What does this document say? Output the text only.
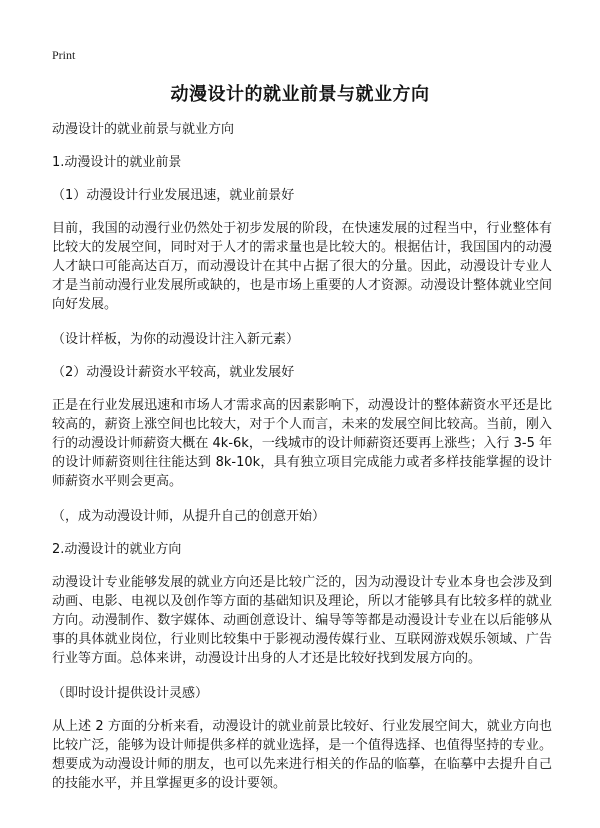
Print
动漫设计的就业前景与就业方向

动漫设计的就业前景与就业方向

1.动漫设计的就业前景

（1）动漫设计行业发展迅速，就业前景好

目前，我国的动漫行业仍然处于初步发展的阶段，在快速发展的过程当中，行业整体有比较大的发展空间，同时对于人才的需求量也是比较大的。根据估计，我国国内的动漫人才缺口可能高达百万，而动漫设计在其中占据了很大的分量。因此，动漫设计专业人才是当前动漫行业发展所或缺的，也是市场上重要的人才资源。动漫设计整体就业空间向好发展。

（设计样板，为你的动漫设计注入新元素）

（2）动漫设计薪资水平较高，就业发展好

正是在行业发展迅速和市场人才需求高的因素影响下，动漫设计的整体薪资水平还是比较高的，薪资上涨空间也比较大，对于个人而言，未来的发展空间比较高。当前，刚入行的动漫设计师薪资大概在 4k-6k，一线城市的设计师薪资还要再上涨些；入行 3-5 年的设计师薪资则往往能达到 8k-10k，具有独立项目完成能力或者多样技能掌握的设计师薪资水平则会更高。

（，成为动漫设计师，从提升自己的创意开始）

2.动漫设计的就业方向

动漫设计专业能够发展的就业方向还是比较广泛的，因为动漫设计专业本身也会涉及到动画、电影、电视以及创作等方面的基础知识及理论，所以才能够具有比较多样的就业方向。动漫制作、数字媒体、动画创意设计、编导等等都是动漫设计专业在以后能够从事的具体就业岗位，行业则比较集中于影视动漫传媒行业、互联网游戏娱乐领域、广告行业等方面。总体来讲，动漫设计出身的人才还是比较好找到发展方向的。

（即时设计提供设计灵感）

从上述 2 方面的分析来看，动漫设计的就业前景比较好、行业发展空间大，就业方向也比较广泛，能够为设计师提供多样的就业选择，是一个值得选择、也值得坚持的专业。想要成为动漫设计师的朋友，也可以先来进行相关的作品的临摹，在临摹中去提升自己的技能水平，并且掌握更多的设计要领。
